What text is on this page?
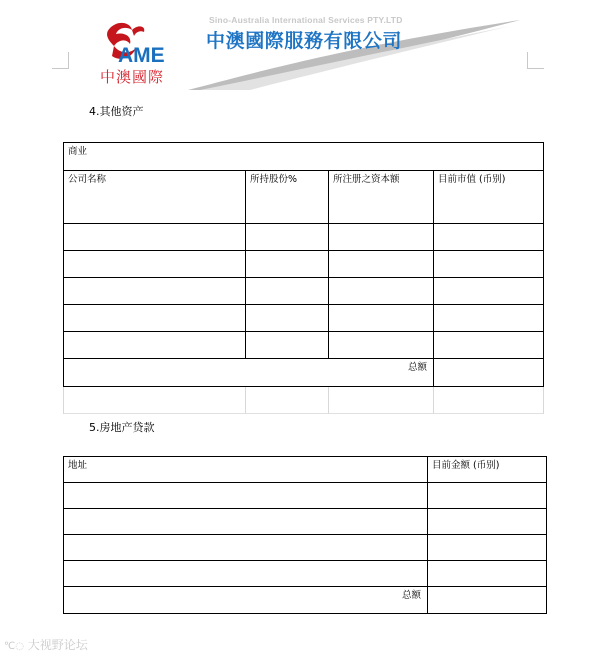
AME
中澳國際
Sino-Australia International Services PTY.LTD
中澳國際服務有限公司
4.其他资产
商业
公司名称	所持股份%	所注册之资本额	目前市值 (币别)
总额
5.房地产贷款
地址	目前金额 (币别)
总额
℃◌ 大视野论坛
